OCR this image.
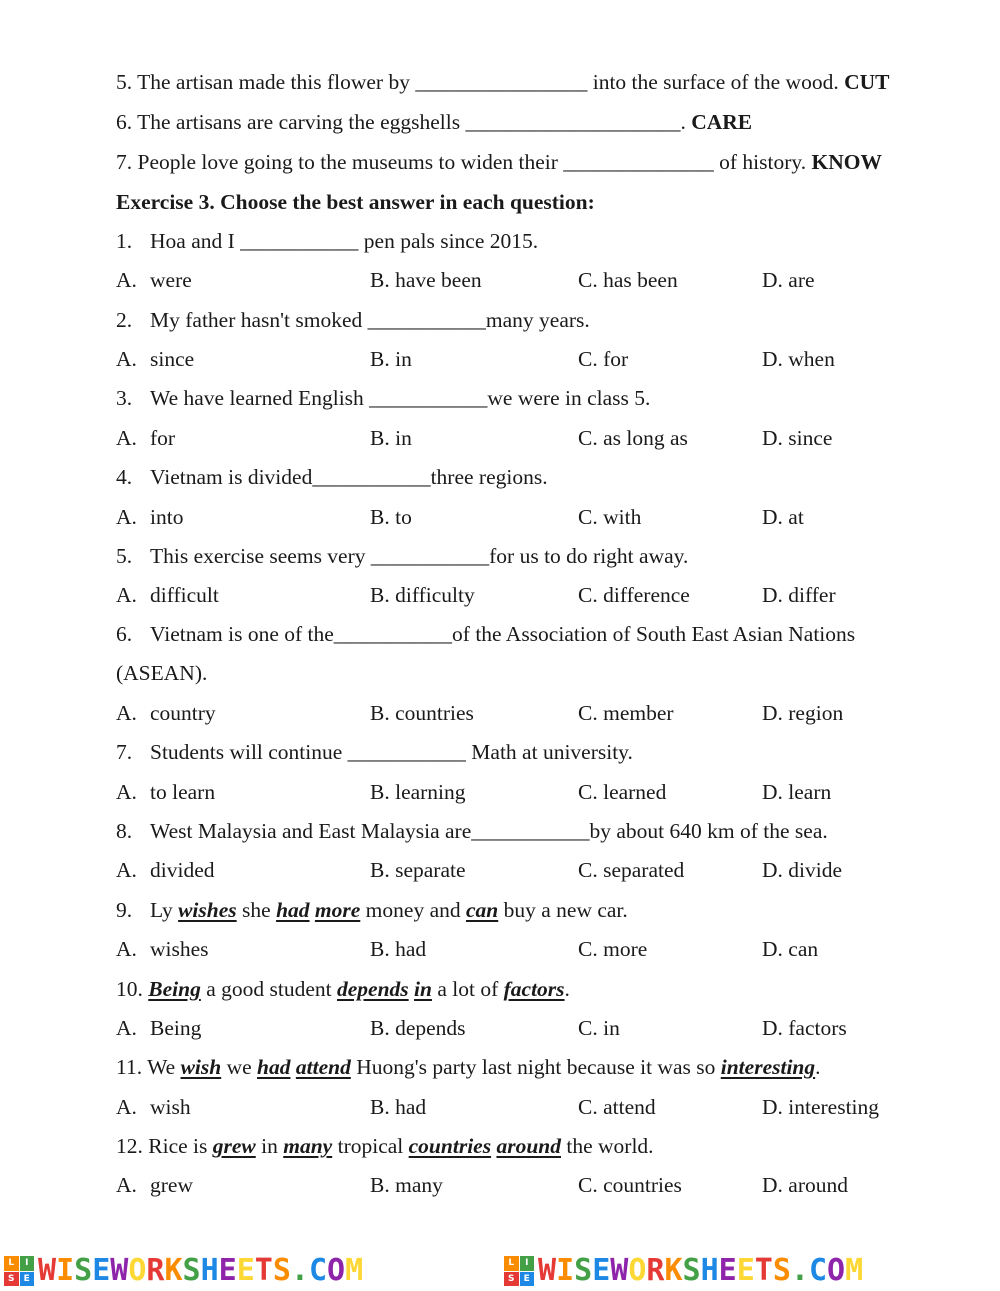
5. The artisan made this flower by ________________ into the surface of the wood. CUT
6. The artisans are carving the eggshells ____________________. CARE
7. People love going to the museums to widen their ______________ of history. KNOW
Exercise 3. Choose the best answer in each question:
1. Hoa and I ___________ pen pals since 2015.
A. were	B. have been	C. has been	D. are
2. My father hasn't smoked ___________many years.
A. since	B. in	C. for	D. when
3. We have learned English ___________we were in class 5.
A. for	B. in	C. as long as	D. since
4. Vietnam is divided___________three regions.
A. into	B. to	C. with	D. at
5. This exercise seems very ___________for us to do right away.
A. difficult	B. difficulty	C. difference	D. differ
6. Vietnam is one of the___________of the Association of South East Asian Nations
(ASEAN).
A. country	B. countries	C. member	D. region
7. Students will continue ___________ Math at university.
A. to learn	B. learning	C. learned	D. learn
8. West Malaysia and East Malaysia are___________by about 640 km of the sea.
A. divided	B. separate	C. separated	D. divide
9. Ly wishes she had more money and can buy a new car.
A. wishes	B. had	C. more	D. can
10. Being a good student depends in a lot of factors.
A. Being	B. depends	C. in	D. factors
11. We wish we had attend Huong's party last night because it was so interesting.
A. wish	B. had	C. attend	D. interesting
12. Rice is grew in many tropical countries around the world.
A. grew	B. many	C. countries	D. around
L	I
S	E WISEWORKSHEETS.COM	L	I
S	E WISEWORKSHEETS.COM
